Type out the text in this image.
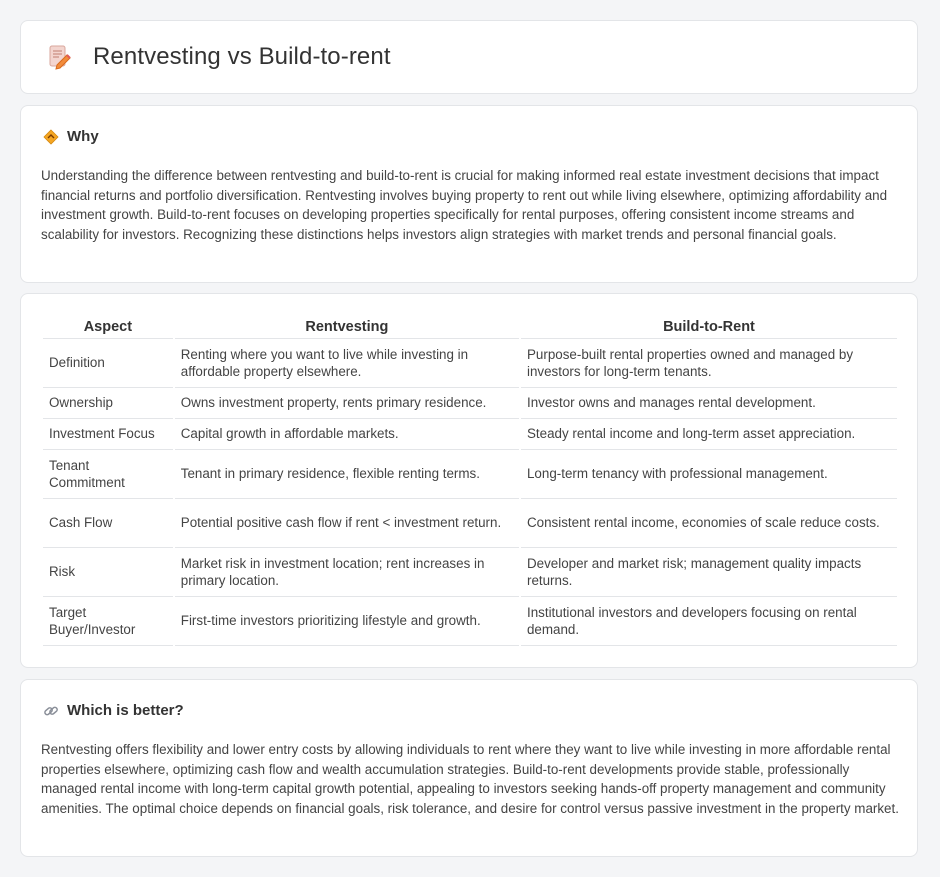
Rentvesting vs Build-to-rent
Why

Understanding the difference between rentvesting and build-to-rent is crucial for making informed real estate investment decisions that impact financial returns and portfolio diversification. Rentvesting involves buying property to rent out while living elsewhere, optimizing affordability and investment growth. Build-to-rent focuses on developing properties specifically for rental purposes, offering consistent income streams and scalability for investors. Recognizing these distinctions helps investors align strategies with market trends and personal financial goals.

Aspect	Rentvesting	Build-to-Rent
Definition	Renting where you want to live while investing in affordable property elsewhere.	Purpose-built rental properties owned and managed by investors for long-term tenants.
Ownership	Owns investment property, rents primary residence.	Investor owns and manages rental development.
Investment Focus	Capital growth in affordable markets.	Steady rental income and long-term asset appreciation.
Tenant Commitment	Tenant in primary residence, flexible renting terms.	Long-term tenancy with professional management.
Cash Flow	Potential positive cash flow if rent < investment return.	Consistent rental income, economies of scale reduce costs.
Risk	Market risk in investment location; rent increases in primary location.	Developer and market risk; management quality impacts returns.
Target Buyer/Investor	First-time investors prioritizing lifestyle and growth.	Institutional investors and developers focusing on rental demand.
Which is better?

Rentvesting offers flexibility and lower entry costs by allowing individuals to rent where they want to live while investing in more affordable rental properties elsewhere, optimizing cash flow and wealth accumulation strategies. Build-to-rent developments provide stable, professionally managed rental income with long-term capital growth potential, appealing to investors seeking hands-off property management and community amenities. The optimal choice depends on financial goals, risk tolerance, and desire for control versus passive investment in the property market.
